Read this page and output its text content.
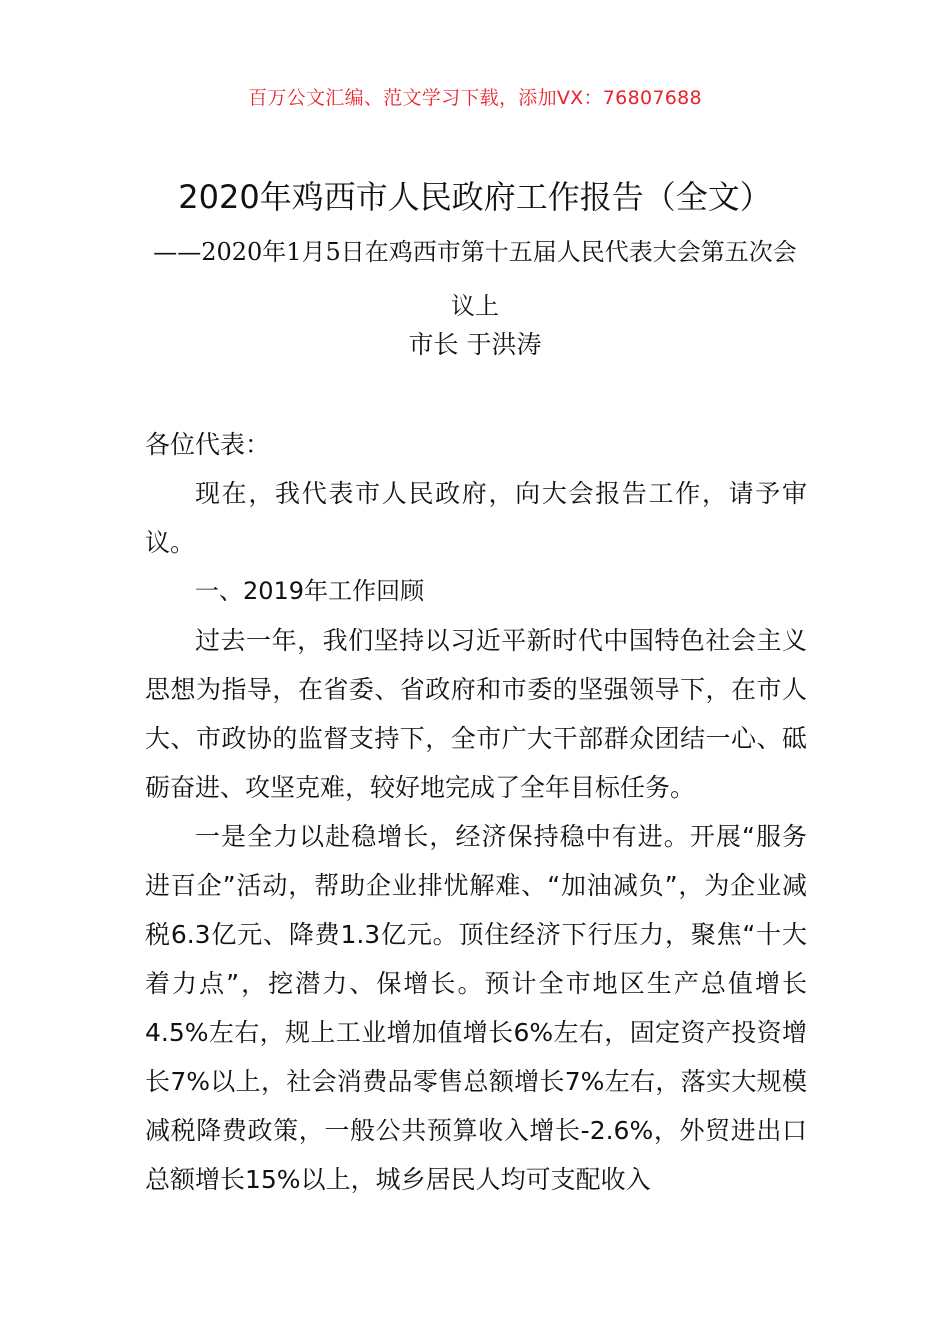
百万公文汇编、范文学习下载，添加VX：76807688
2020年鸡西市人民政府工作报告（全文）
——2020年1月5日在鸡西市第十五届人民代表大会第五次会议上
市长 于洪涛

各位代表：

现在，我代表市人民政府，向大会报告工作，请予审议。

一、2019年工作回顾

过去一年，我们坚持以习近平新时代中国特色社会主义思想为指导，在省委、省政府和市委的坚强领导下，在市人大、市政协的监督支持下，全市广大干部群众团结一心、砥砺奋进、攻坚克难，较好地完成了全年目标任务。

一是全力以赴稳增长，经济保持稳中有进。开展“服务进百企”活动，帮助企业排忧解难、“加油减负”，为企业减税6.3亿元、降费1.3亿元。顶住经济下行压力，聚焦“十大着力点”，挖潜力、保增长。预计全市地区生产总值增长4.5%左右，规上工业增加值增长6%左右，固定资产投资增长7%以上，社会消费品零售总额增长7%左右，落实大规模减税降费政策，一般公共预算收入增长-2.6%，外贸进出口总额增长15%以上，城乡居民人均可支配收入
